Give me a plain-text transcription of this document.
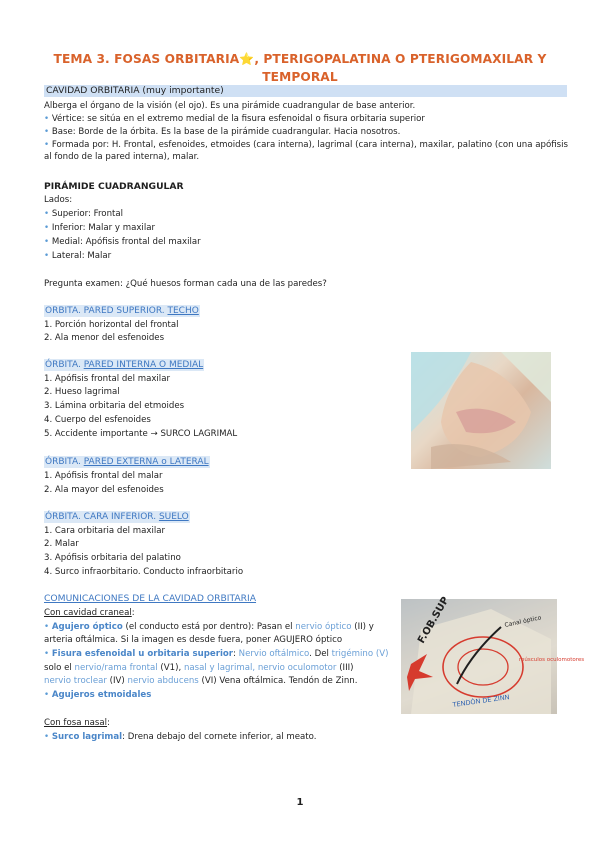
TEMA 3. FOSAS ORBITARIA⭐, PTERIGOPALATINA O PTERIGOMAXILAR Y
TEMPORAL
CAVIDAD ORBITARIA (muy importante)
Alberga el órgano de la visión (el ojo). Es una pirámide cuadrangular de base anterior.
• Vértice: se sitúa en el extremo medial de la fisura esfenoidal o fisura orbitaria superior
• Base: Borde de la órbita. Es la base de la pirámide cuadrangular. Hacia nosotros.
• Formada por: H. Frontal, esfenoides, etmoides (cara interna), lagrimal (cara interna), maxilar, palatino (con una apófisis al fondo de la pared interna), malar.
PIRÁMIDE CUADRANGULAR
Lados:
• Superior: Frontal
• Inferior: Malar y maxilar
• Medial: Apófisis frontal del maxilar
• Lateral: Malar
Pregunta examen: ¿Qué huesos forman cada una de las paredes?
ORBITA. PARED SUPERIOR. TECHO
1. Porción horizontal del frontal
2. Ala menor del esfenoides
ÓRBITA. PARED INTERNA O MEDIAL
1. Apófisis frontal del maxilar
2. Hueso lagrimal
3. Lámina orbitaria del etmoides
4. Cuerpo del esfenoides
5. Accidente importante → SURCO LAGRIMAL
ÓRBITA. PARED EXTERNA o LATERAL
1. Apófisis frontal del malar
2. Ala mayor del esfenoides
ÓRBITA. CARA INFERIOR. SUELO
1. Cara orbitaria del maxilar
2. Malar
3. Apófisis orbitaria del palatino
4. Surco infraorbitario. Conducto infraorbitario
COMUNICACIONES DE LA CAVIDAD ORBITARIA
Con cavidad craneal:
• Agujero óptico (el conducto está por dentro): Pasan el nervio óptico (II) y
arteria oftálmica. Si la imagen es desde fuera, poner AGUJERO óptico
• Fisura esfenoidal u orbitaria superior: Nervio oftálmico. Del trigémino (V)
solo el nervio/rama frontal (V1), nasal y lagrimal, nervio oculomotor (III)
nervio troclear (IV) nervio abducens (VI) Vena oftálmica. Tendón de Zinn.
• Agujeros etmoidales
F.OB.SUP	Canal óptico
músculos oculomotores
TENDÓN DE ZINN
Con fosa nasal:
• Surco lagrimal: Drena debajo del cornete inferior, al meato.
1
